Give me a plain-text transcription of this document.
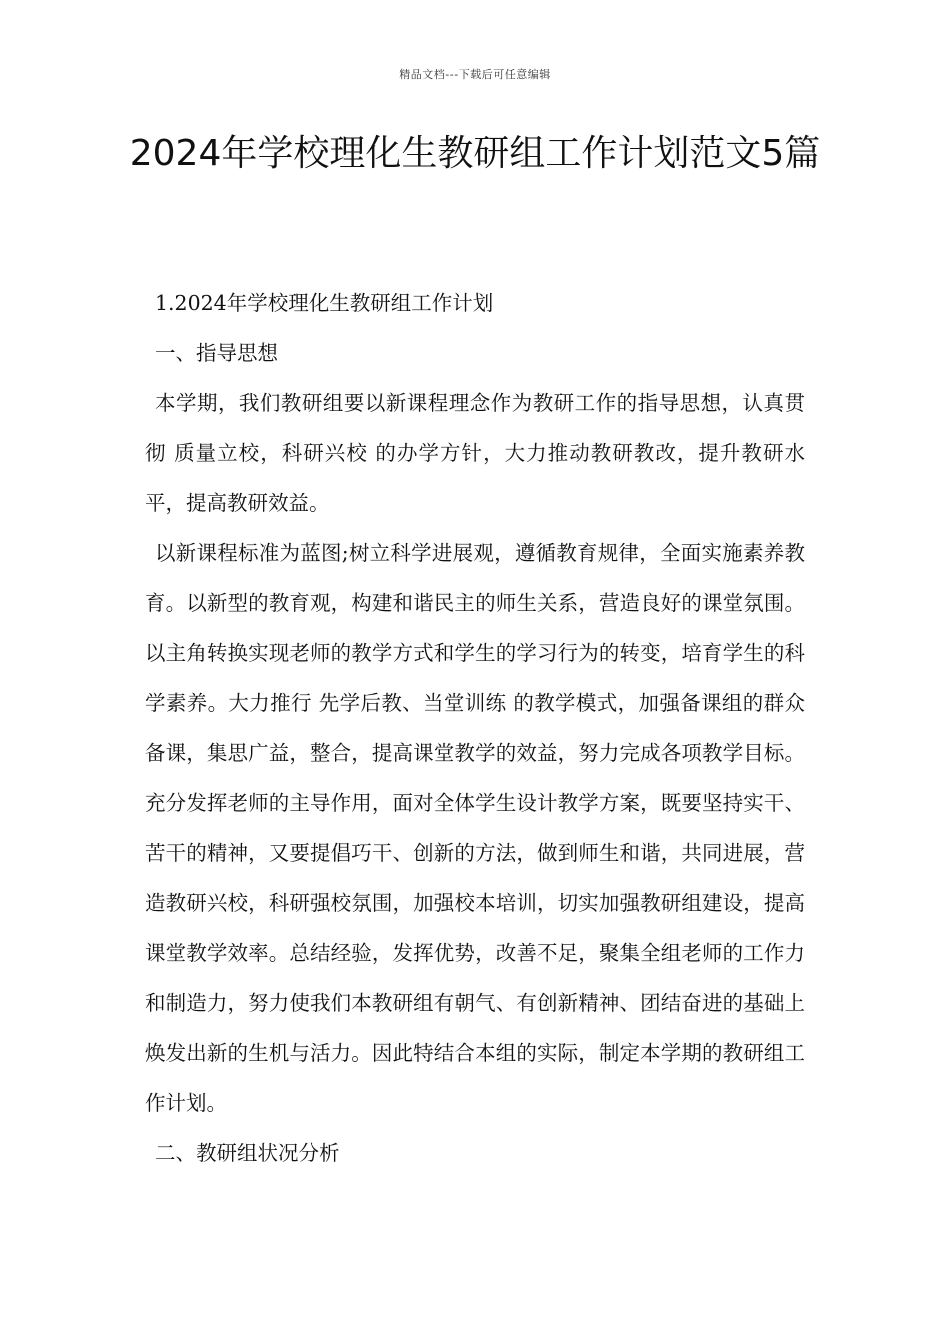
精品文档---下载后可任意编辑
2024年学校理化生教研组工作计划范文5篇

1.2024年学校理化生教研组工作计划

一、指导思想

本学期，我们教研组要以新课程理念作为教研工作的指导思想，认真贯彻 质量立校，科研兴校 的办学方针，大力推动教研教改，提升教研水平，提高教研效益。

以新课程标准为蓝图;树立科学进展观，遵循教育规律，全面实施素养教育。以新型的教育观，构建和谐民主的师生关系，营造良好的课堂氛围。以主角转换实现老师的教学方式和学生的学习行为的转变，培育学生的科学素养。大力推行 先学后教、当堂训练 的教学模式，加强备课组的群众备课，集思广益，整合，提高课堂教学的效益，努力完成各项教学目标。充分发挥老师的主导作用，面对全体学生设计教学方案，既要坚持实干、苦干的精神，又要提倡巧干、创新的方法，做到师生和谐，共同进展，营造教研兴校，科研强校氛围，加强校本培训，切实加强教研组建设，提高课堂教学效率。总结经验，发挥优势，改善不足，聚集全组老师的工作力和制造力，努力使我们本教研组有朝气、有创新精神、团结奋进的基础上焕发出新的生机与活力。因此特结合本组的实际，制定本学期的教研组工作计划。

二、教研组状况分析
